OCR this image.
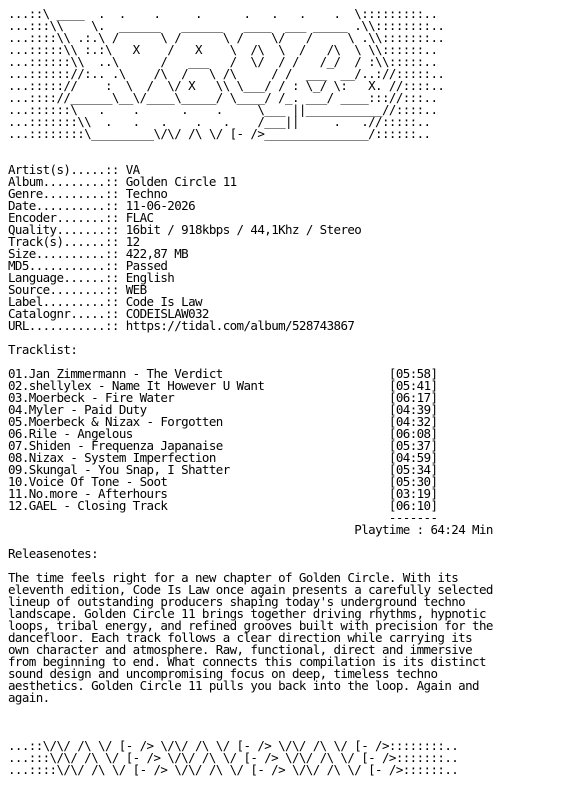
...::\ ____  .  .    .     .      .   .   .    .  \:::::::::..
...:::\\    \.  ______   ______   ____  ___ _____ .\\::::::::..
...::::\\ .:.\ /      \ /      \ /    \/   /     \ .\\:::::::..
...:::::\\ :.:\   X    /   X    \  /\  \  /   /\  \ \\::::::..
...::::::\\  ..\      /   ___   /  \/  / /   /_/  / :\\:::::..
...:::::://:.. .\    /\  /   \ /\     / /  ___  __/..://:::::..
...::::://    :  \  /  \/ X   \\ \___/ / : \_/ \:   X. //::::..
...:::://______\__\/____\_____/ \____/ /_. ___/ ____::://:::..
...::::::\   .    .      .    .     \___ ||___________//::::..
...:::::::\\  .   .   .    .   .    /___||     .   .//:::::..
...::::::::\_________\/\/ /\ \/ [- />_______________/::::::..

Artist(s).....:: VA
Album.........:: Golden Circle 11
Genre.........:: Techno
Date..........:: 11-06-2026
Encoder.......:: FLAC
Quality.......:: 16bit / 918kbps / 44,1Khz / Stereo
Track(s)......:: 12
Size..........:: 422,87 MB
MD5...........:: Passed
Language......:: English
Source........:: WEB
Label.........:: Code Is Law
Catalognr.....:: CODEISLAW032
URL...........:: https://tidal.com/album/528743867

Tracklist:

01.Jan Zimmermann - The Verdict	[05:58]
02.shellylex - Name It However U Want	[05:41]
03.Moerbeck - Fire Water	[06:17]
04.Myler - Paid Duty	[04:39]
05.Moerbeck & Nizax - Forgotten	[04:32]
06.Rile - Angelous	[06:08]
07.Shiden - Frequenza Japanaise	[05:37]
08.Nizax - System Imperfection	[04:59]
09.Skungal - You Snap, I Shatter	[05:34]
10.Voice Of Tone - Soot	[05:30]
11.No.more - Afterhours	[03:19]
12.GAEL - Closing Track	[06:10]
-------
Playtime : 64:24 Min

Releasenotes:

The time feels right for a new chapter of Golden Circle. With its
eleventh edition, Code Is Law once again presents a carefully selected
lineup of outstanding producers shaping today's underground techno
landscape. Golden Circle 11 brings together driving rhythms, hypnotic
loops, tribal energy, and refined grooves built with precision for the
dancefloor. Each track follows a clear direction while carrying its
own character and atmosphere. Raw, functional, direct and immersive
from beginning to end. What connects this compilation is its distinct
sound design and uncompromising focus on deep, timeless techno
aesthetics. Golden Circle 11 pulls you back into the loop. Again and
again.

...::\/\/ /\ \/ [- /> \/\/ /\ \/ [- /> \/\/ /\ \/ [- />::::::::..
...:::\/\/ /\ \/ [- /> \/\/ /\ \/ [- /> \/\/ /\ \/ [- />:::::::..
...::::\/\/ /\ \/ [- /> \/\/ /\ \/ [- /> \/\/ /\ \/ [- />::::::..
